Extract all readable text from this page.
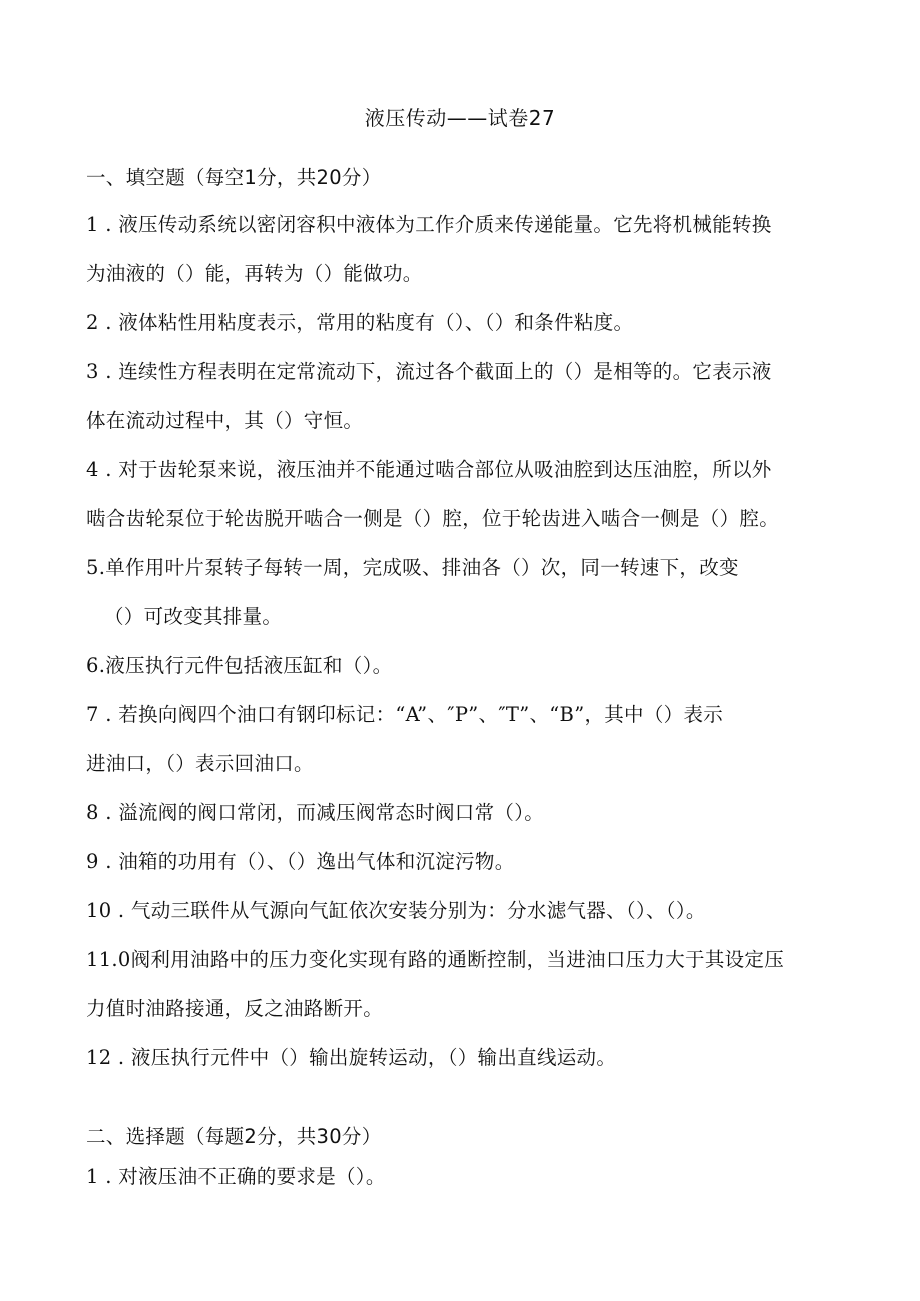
液压传动——试卷27
一、填空题（每空1分，共20分）
1 . 液压传动系统以密闭容积中液体为工作介质来传递能量。它先将机械能转换
为油液的（）能，再转为（）能做功。
2 . 液体粘性用粘度表示，常用的粘度有（）、（）和条件粘度。
3 . 连续性方程表明在定常流动下，流过各个截面上的（）是相等的。它表示液
体在流动过程中，其（）守恒。
4 . 对于齿轮泵来说，液压油并不能通过啮合部位从吸油腔到达压油腔，所以外
啮合齿轮泵位于轮齿脱开啮合一侧是（）腔，位于轮齿进入啮合一侧是（）腔。
5.单作用叶片泵转子每转一周，完成吸、排油各（）次，同一转速下，改变
（）可改变其排量。
6.液压执行元件包括液压缸和（）。
7 . 若换向阀四个油口有钢印标记：“A”、″P”、″T”、“B”，其中（）表示
进油口，（）表示回油口。
8 . 溢流阀的阀口常闭，而减压阀常态时阀口常（）。
9 . 油箱的功用有（）、（）逸出气体和沉淀污物。
10 . 气动三联件从气源向气缸依次安装分别为：分水滤气器、（）、（）。
11.0阀利用油路中的压力变化实现有路的通断控制，当进油口压力大于其设定压
力值时油路接通，反之油路断开。
12 . 液压执行元件中（）输出旋转运动，（）输出直线运动。
二、选择题（每题2分，共30分）
1 . 对液压油不正确的要求是（）。
